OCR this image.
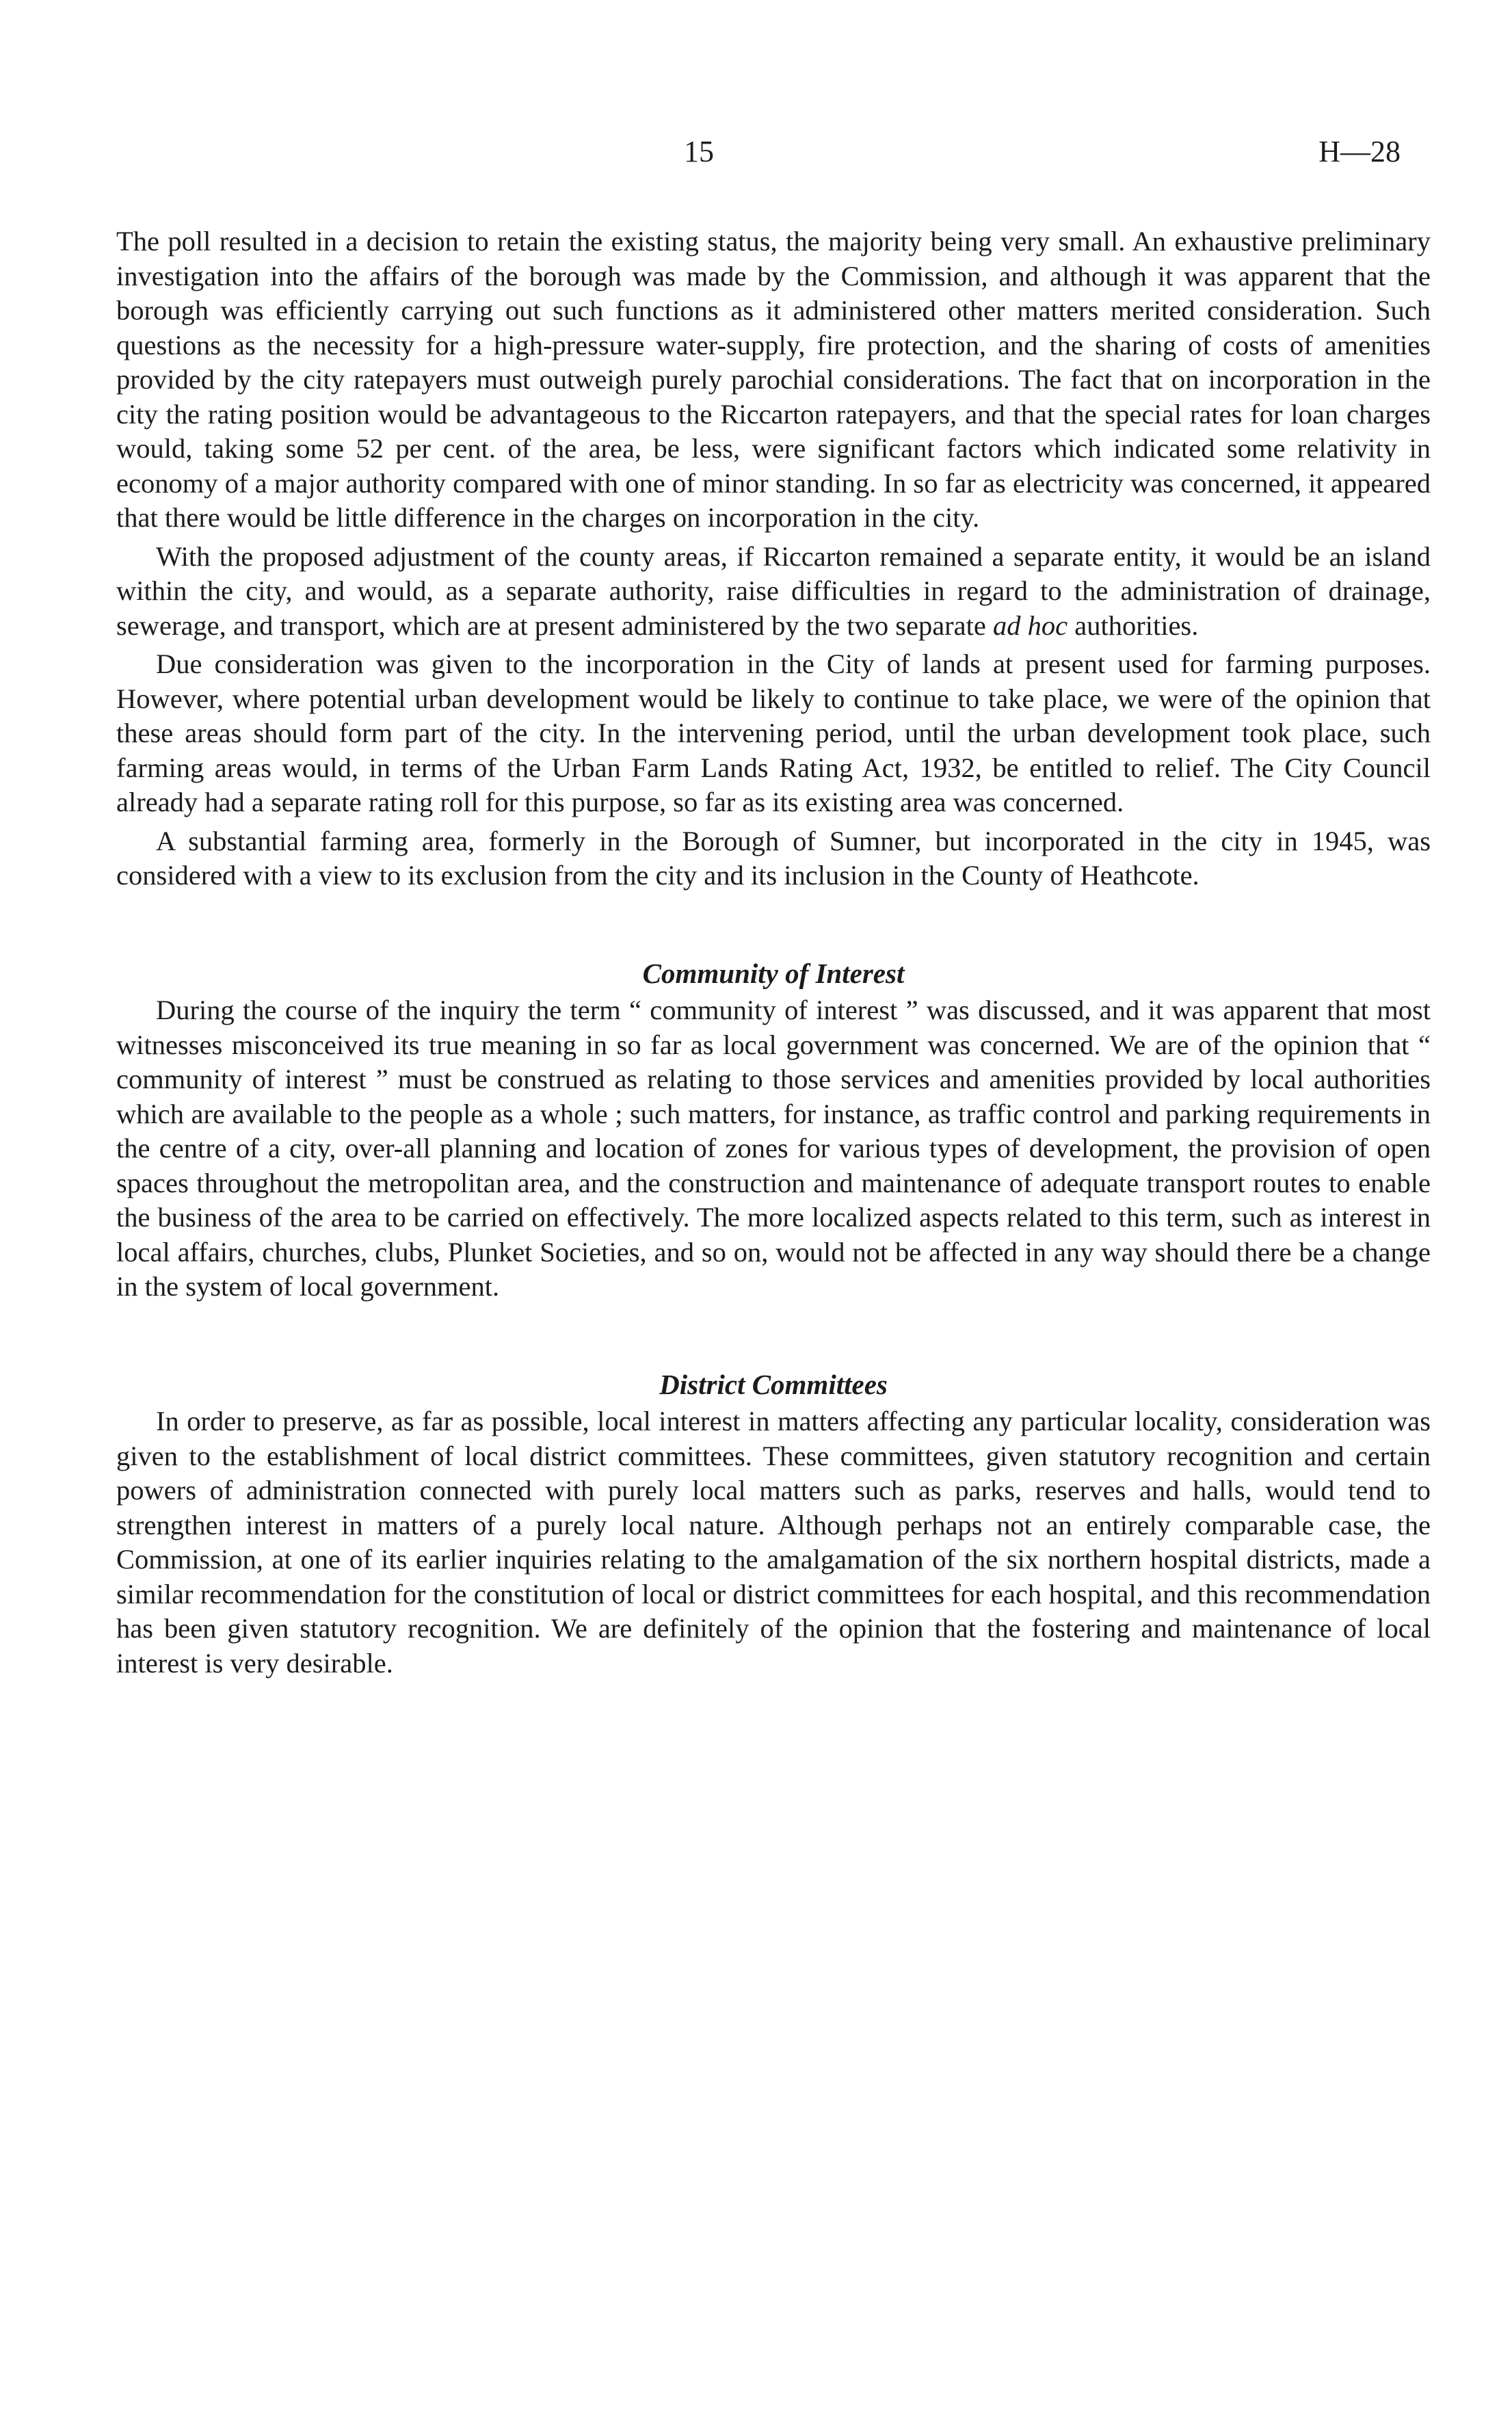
15	H—28

The poll resulted in a decision to retain the existing status, the majority being very small. An exhaustive preliminary investigation into the affairs of the borough was made by the Commission, and although it was apparent that the borough was efficiently carrying out such functions as it administered other matters merited consideration. Such questions as the necessity for a high-pressure water-supply, fire protection, and the sharing of costs of amenities provided by the city ratepayers must outweigh purely parochial considerations. The fact that on incorporation in the city the rating position would be advantageous to the Riccarton ratepayers, and that the special rates for loan charges would, taking some 52 per cent. of the area, be less, were significant factors which indicated some relativity in economy of a major authority compared with one of minor standing. In so far as electricity was concerned, it appeared that there would be little difference in the charges on incorporation in the city.

With the proposed adjustment of the county areas, if Riccarton remained a separate entity, it would be an island within the city, and would, as a separate authority, raise difficulties in regard to the administration of drainage, sewerage, and transport, which are at present administered by the two separate ad hoc authorities.

Due consideration was given to the incorporation in the City of lands at present used for farming purposes. However, where potential urban development would be likely to continue to take place, we were of the opinion that these areas should form part of the city. In the intervening period, until the urban development took place, such farming areas would, in terms of the Urban Farm Lands Rating Act, 1932, be entitled to relief. The City Council already had a separate rating roll for this purpose, so far as its existing area was concerned.

A substantial farming area, formerly in the Borough of Sumner, but incorporated in the city in 1945, was considered with a view to its exclusion from the city and its inclusion in the County of Heathcote.

Community of Interest

During the course of the inquiry the term “ community of interest ” was discussed, and it was apparent that most witnesses misconceived its true meaning in so far as local government was concerned. We are of the opinion that “ community of interest ” must be construed as relating to those services and amenities provided by local authorities which are available to the people as a whole ; such matters, for instance, as traffic control and parking requirements in the centre of a city, over-all planning and location of zones for various types of development, the provision of open spaces throughout the metropolitan area, and the construction and maintenance of adequate transport routes to enable the business of the area to be carried on effectively. The more localized aspects related to this term, such as interest in local affairs, churches, clubs, Plunket Societies, and so on, would not be affected in any way should there be a change in the system of local government.

District Committees

In order to preserve, as far as possible, local interest in matters affecting any particular locality, consideration was given to the establishment of local district committees. These committees, given statutory recognition and certain powers of administration connected with purely local matters such as parks, reserves and halls, would tend to strengthen interest in matters of a purely local nature. Although perhaps not an entirely comparable case, the Commission, at one of its earlier inquiries relating to the amalgamation of the six northern hospital districts, made a similar recommendation for the constitution of local or district committees for each hospital, and this recommendation has been given statutory recognition. We are definitely of the opinion that the fostering and maintenance of local interest is very desirable.
